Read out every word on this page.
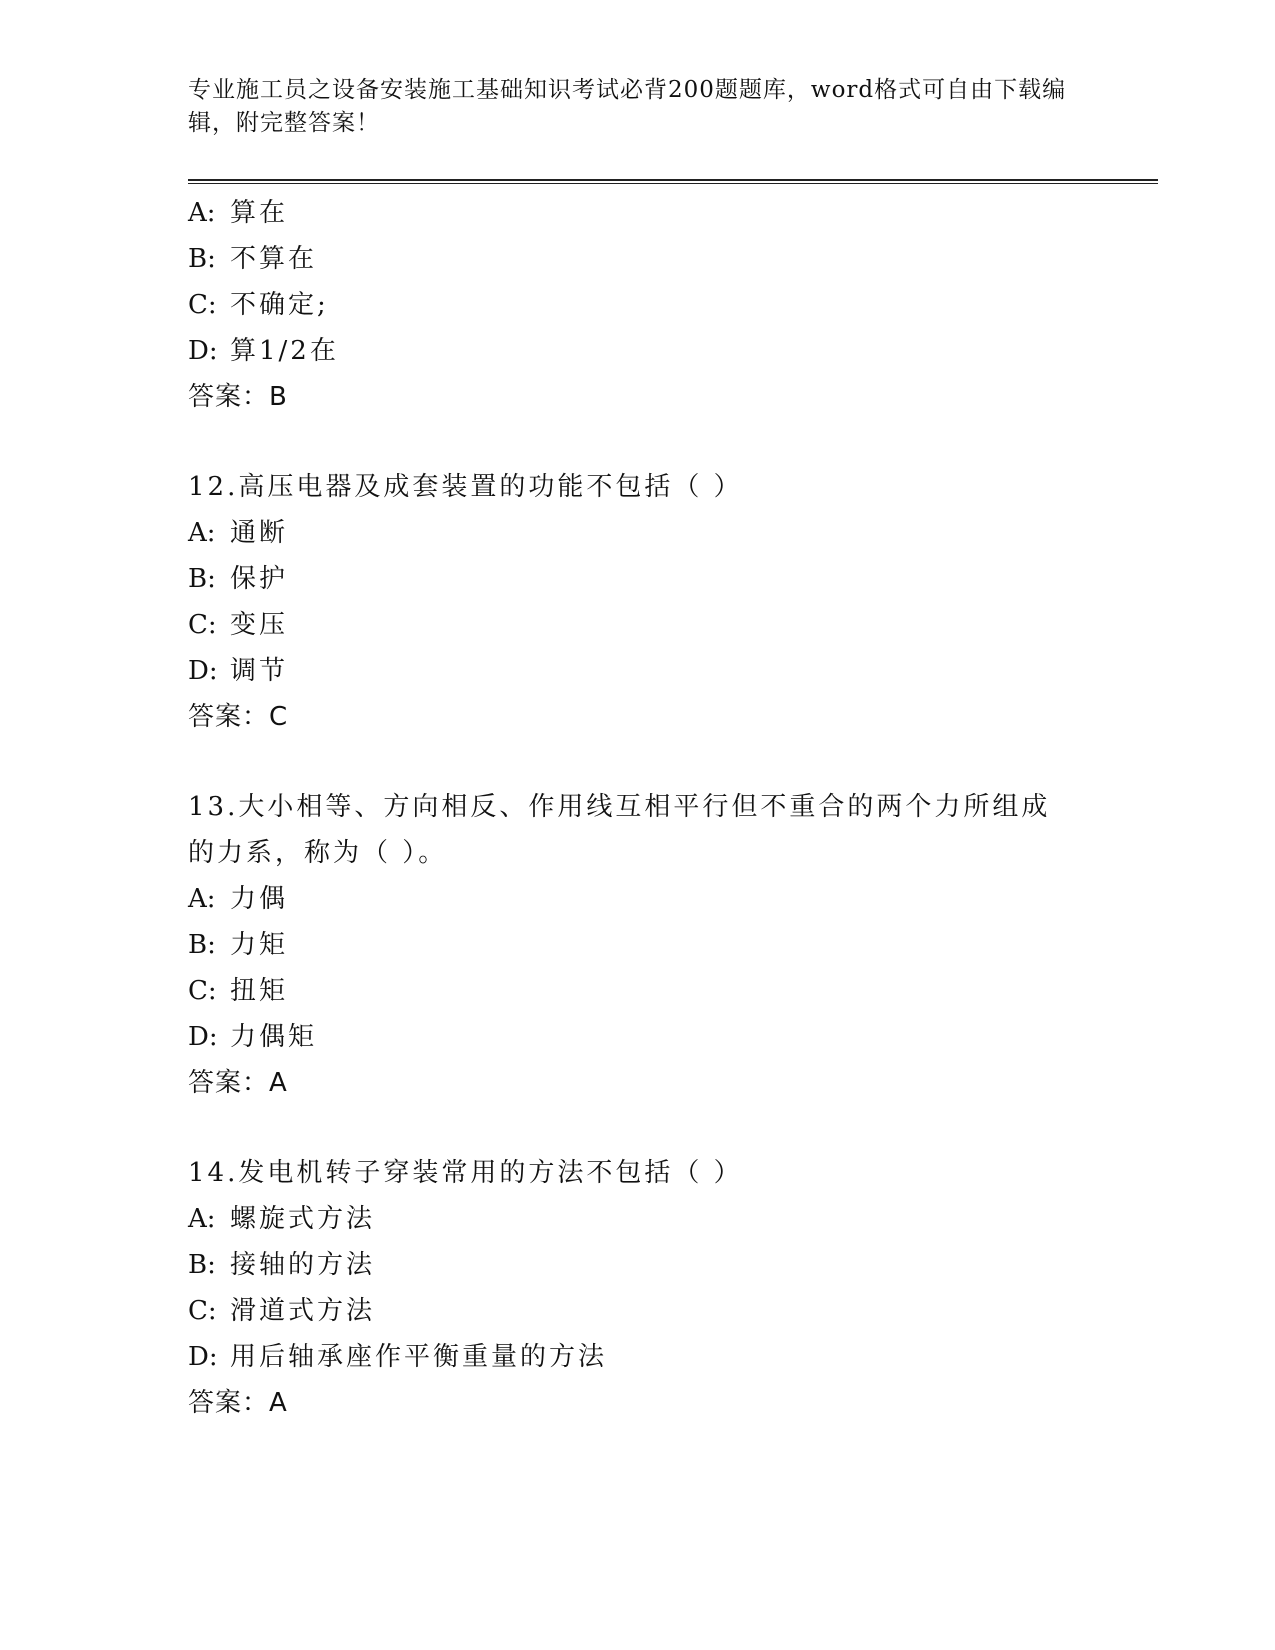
专业施工员之设备安装施工基础知识考试必背200题题库，word格式可自由下载编辑，附完整答案！
A: 算在
B: 不算在
C: 不确定;
D: 算1/2在
答案：B
12.高压电器及成套装置的功能不包括（ ）
A: 通断
B: 保护
C: 变压
D: 调节
答案：C
13.大小相等、方向相反、作用线互相平行但不重合的两个力所组成的力系，称为（ ）。
A: 力偶
B: 力矩
C: 扭矩
D: 力偶矩
答案：A
14.发电机转子穿装常用的方法不包括（ ）
A: 螺旋式方法
B: 接轴的方法
C: 滑道式方法
D: 用后轴承座作平衡重量的方法
答案：A
